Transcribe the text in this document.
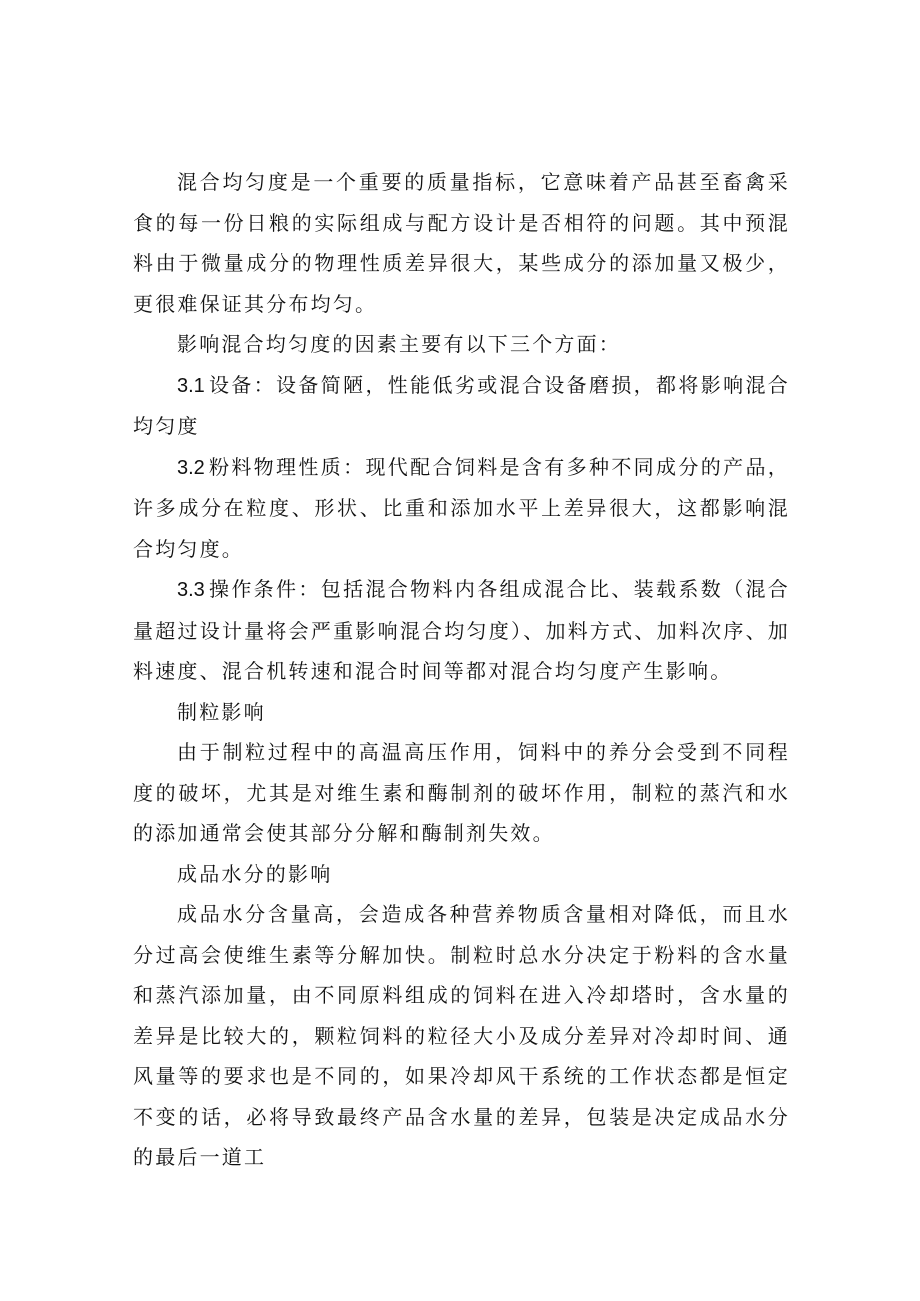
混合均匀度是一个重要的质量指标，它意味着产品甚至畜禽采食的每一份日粮的实际组成与配方设计是否相符的问题。其中预混料由于微量成分的物理性质差异很大，某些成分的添加量又极少，更很难保证其分布均匀。

影响混合均匀度的因素主要有以下三个方面：

3.1 设备：设备简陋，性能低劣或混合设备磨损，都将影响混合均匀度

3.2 粉料物理性质：现代配合饲料是含有多种不同成分的产品，许多成分在粒度、形状、比重和添加水平上差异很大，这都影响混合均匀度。

3.3 操作条件：包括混合物料内各组成混合比、装载系数（混合量超过设计量将会严重影响混合均匀度）、加料方式、加料次序、加料速度、混合机转速和混合时间等都对混合均匀度产生影响。

制粒影响

由于制粒过程中的高温高压作用，饲料中的养分会受到不同程度的破坏，尤其是对维生素和酶制剂的破坏作用，制粒的蒸汽和水的添加通常会使其部分分解和酶制剂失效。

成品水分的影响

成品水分含量高，会造成各种营养物质含量相对降低，而且水分过高会使维生素等分解加快。制粒时总水分决定于粉料的含水量和蒸汽添加量，由不同原料组成的饲料在进入冷却塔时，含水量的差异是比较大的，颗粒饲料的粒径大小及成分差异对冷却时间、通风量等的要求也是不同的，如果冷却风干系统的工作状态都是恒定不变的话，必将导致最终产品含水量的差异，包装是决定成品水分的最后一道工
